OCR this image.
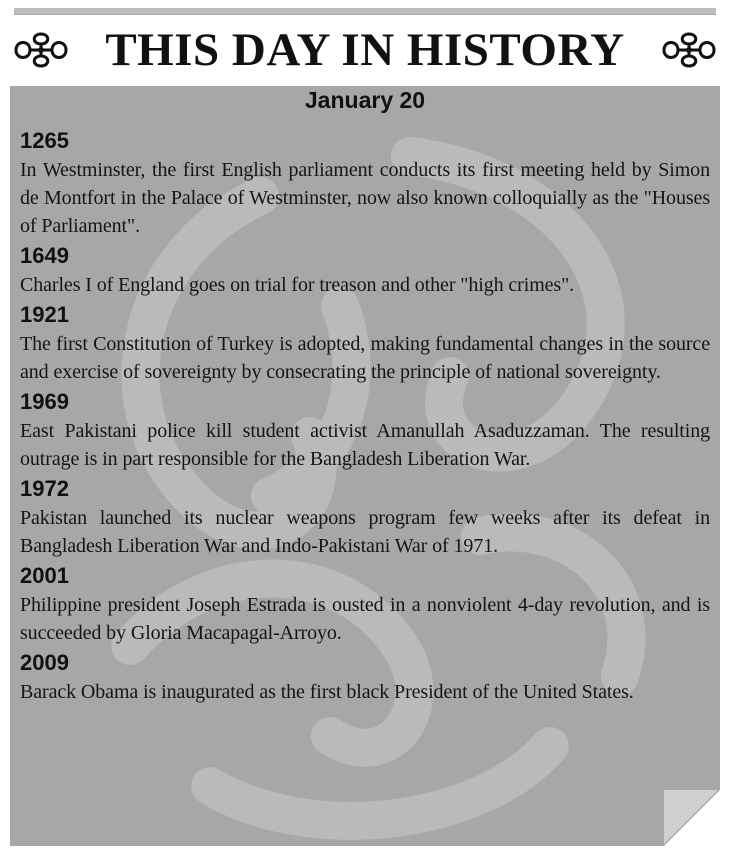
THIS DAY IN HISTORY
January 20

1265

In Westminster, the first English parliament conducts its first meeting held by Simon de Montfort in the Palace of Westminster, now also known colloquially as the "Houses of Parliament".

1649

Charles I of England goes on trial for treason and other "high crimes".

1921

The first Constitution of Turkey is adopted, making fundamental changes in the source and exercise of sovereignty by consecrating the principle of national sovereignty.

1969

East Pakistani police kill student activist Amanullah Asaduzzaman. The resulting outrage is in part responsible for the Bangladesh Liberation War.

1972

Pakistan launched its nuclear weapons program few weeks after its defeat in Bangladesh Liberation War and Indo-Pakistani War of 1971.

2001

Philippine president Joseph Estrada is ousted in a nonviolent 4-day revolution, and is succeeded by Gloria Macapagal-Arroyo.

2009

Barack Obama is inaugurated as the first black President of the United States.
